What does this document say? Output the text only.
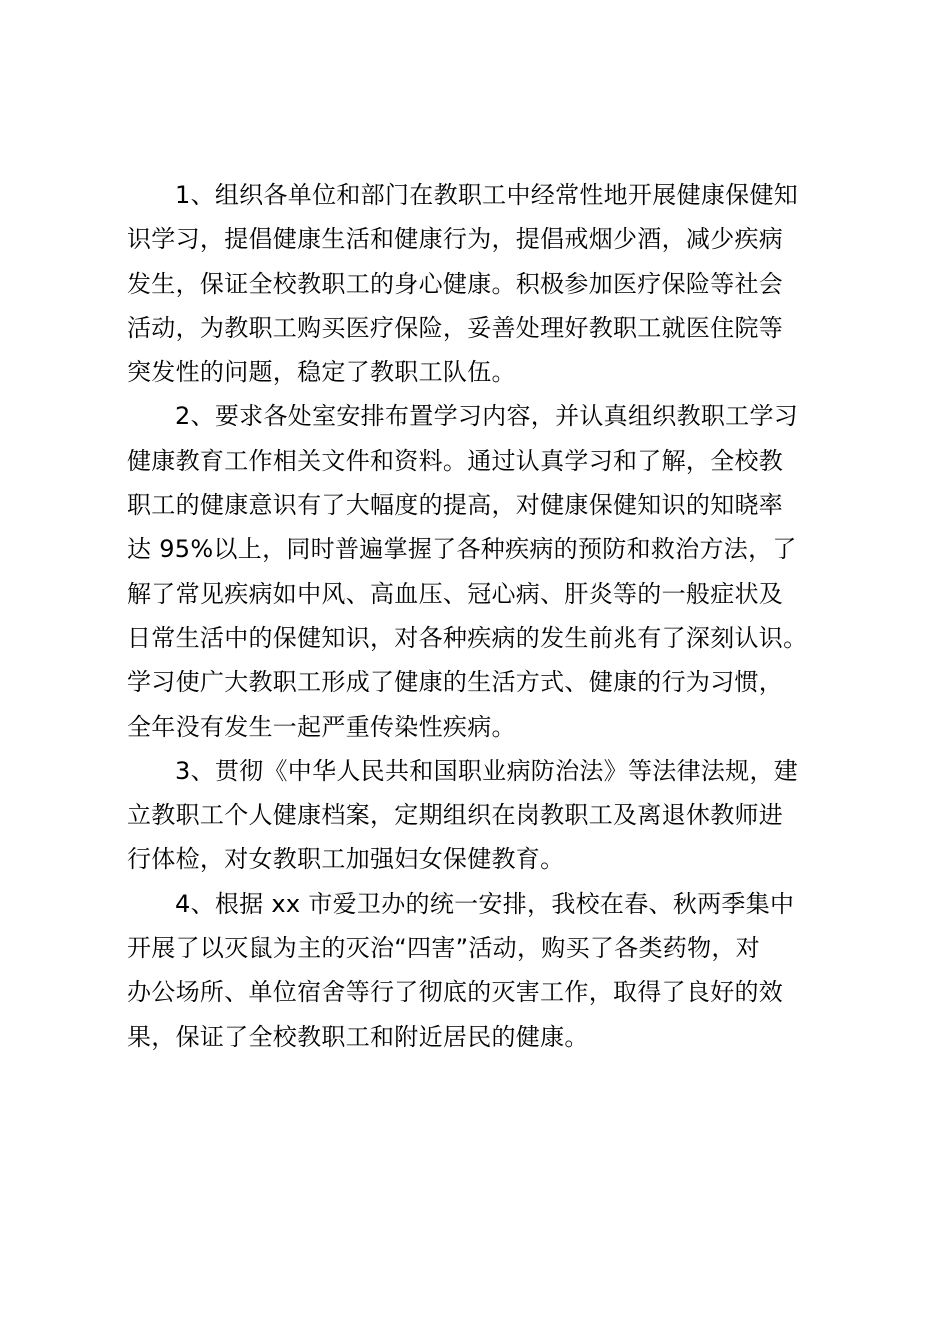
1、组织各单位和部门在教职工中经常性地开展健康保健知
识学习，提倡健康生活和健康行为，提倡戒烟少酒，减少疾病
发生，保证全校教职工的身心健康。积极参加医疗保险等社会
活动，为教职工购买医疗保险，妥善处理好教职工就医住院等
突发性的问题，稳定了教职工队伍。
2、要求各处室安排布置学习内容，并认真组织教职工学习
健康教育工作相关文件和资料。通过认真学习和了解，全校教
职工的健康意识有了大幅度的提高，对健康保健知识的知晓率
达 95%以上，同时普遍掌握了各种疾病的预防和救治方法，了
解了常见疾病如中风、高血压、冠心病、肝炎等的一般症状及
日常生活中的保健知识，对各种疾病的发生前兆有了深刻认识。
学习使广大教职工形成了健康的生活方式、健康的行为习惯，
全年没有发生一起严重传染性疾病。
3、贯彻《中华人民共和国职业病防治法》等法律法规，建
立教职工个人健康档案，定期组织在岗教职工及离退休教师进
行体检，对女教职工加强妇女保健教育。
4、根据 xx 市爱卫办的统一安排，我校在春、秋两季集中
开展了以灭鼠为主的灭治“四害”活动，购买了各类药物，对
办公场所、单位宿舍等行了彻底的灭害工作，取得了良好的效
果，保证了全校教职工和附近居民的健康。
